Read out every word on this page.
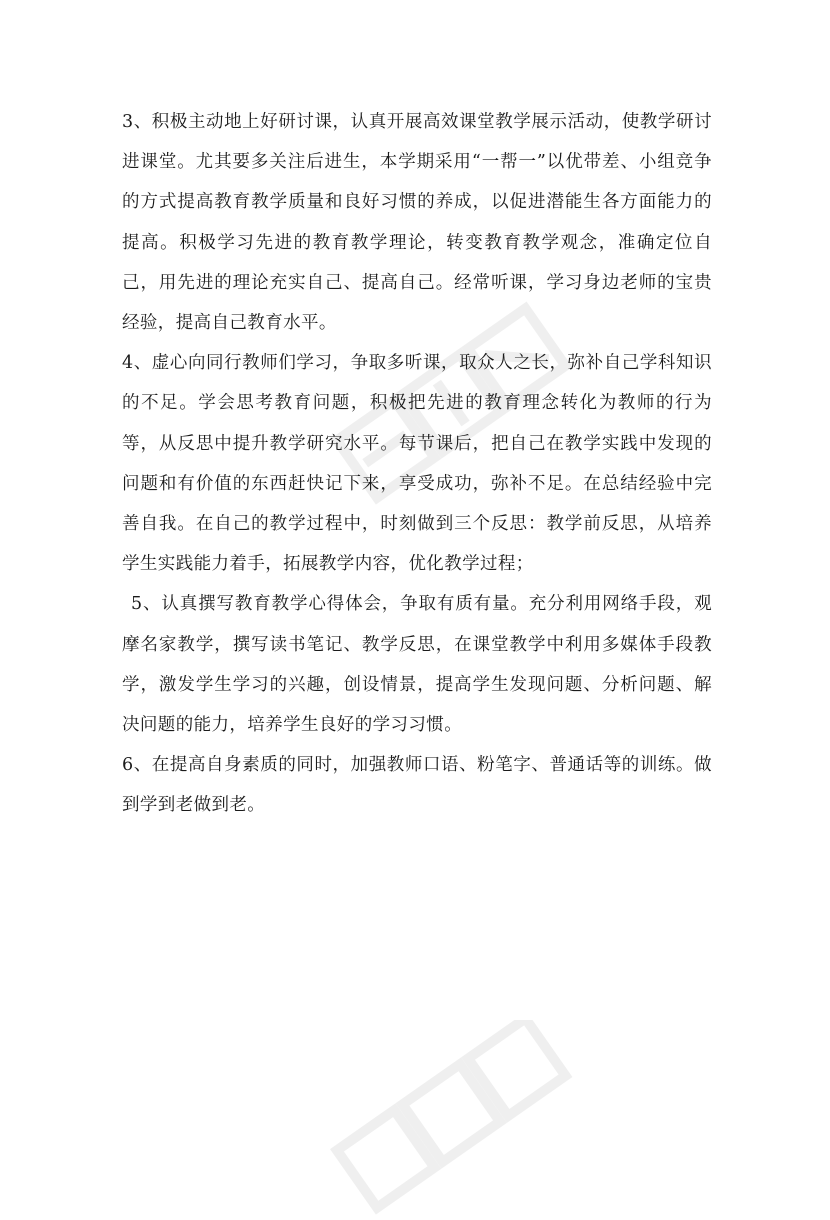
3、积极主动地上好研讨课，认真开展高效课堂教学展示活动，使教学研讨进课堂。尤其要多关注后进生，本学期采用“一帮一”以优带差、小组竞争的方式提高教育教学质量和良好习惯的养成，以促进潜能生各方面能力的提高。积极学习先进的教育教学理论，转变教育教学观念，准确定位自己，用先进的理论充实自己、提高自己。经常听课，学习身边老师的宝贵经验，提高自己教育水平。

4、虚心向同行教师们学习，争取多听课，取众人之长，弥补自己学科知识的不足。学会思考教育问题，积极把先进的教育理念转化为教师的行为等，从反思中提升教学研究水平。每节课后，把自己在教学实践中发现的问题和有价值的东西赶快记下来，享受成功，弥补不足。在总结经验中完善自我。在自己的教学过程中，时刻做到三个反思：教学前反思，从培养学生实践能力着手，拓展教学内容，优化教学过程；

5、认真撰写教育教学心得体会，争取有质有量。充分利用网络手段，观摩名家教学，撰写读书笔记、教学反思，在课堂教学中利用多媒体手段教学，激发学生学习的兴趣，创设情景，提高学生发现问题、分析问题、解决问题的能力，培养学生良好的学习习惯。

6、在提高自身素质的同时，加强教师口语、粉笔字、普通话等的训练。做到学到老做到老。
